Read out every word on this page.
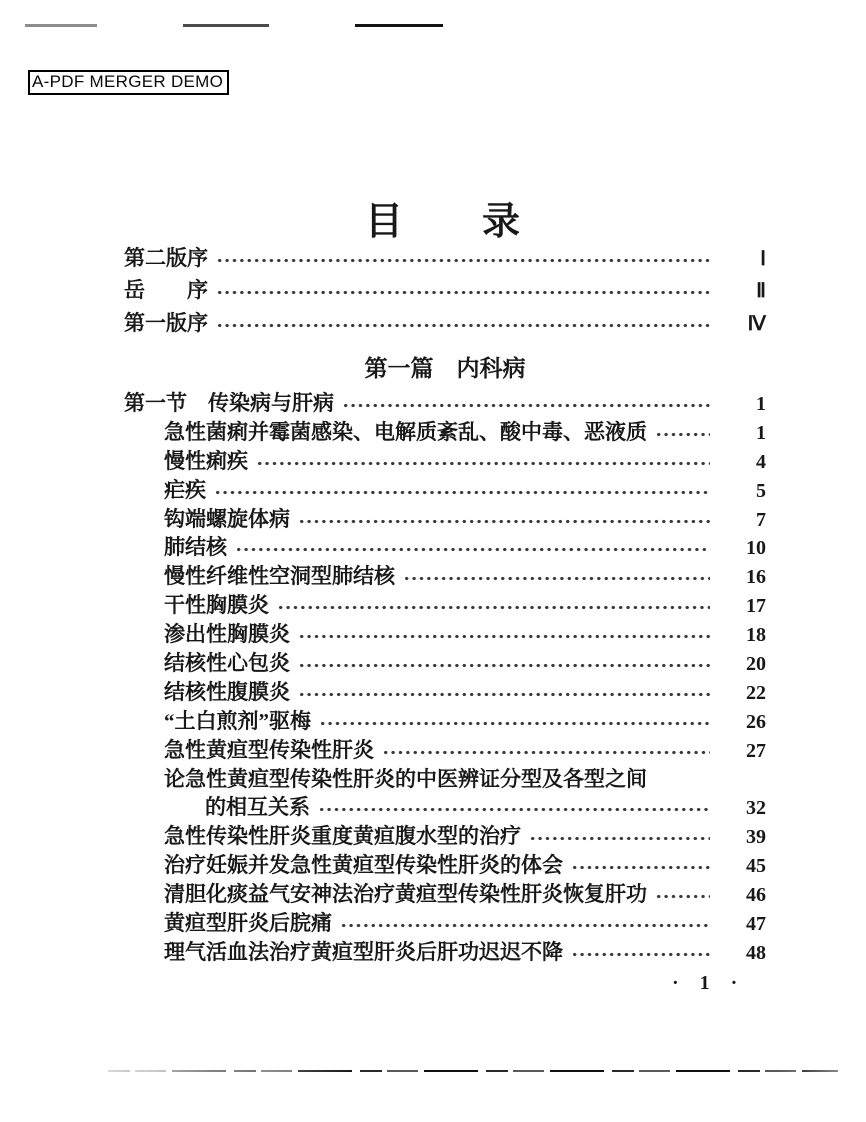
A-PDF MERGER DEMO
目　　录
第二版序	Ⅰ
岳　　序	Ⅱ
第一版序	Ⅳ
第一篇　内科病
第一节　传染病与肝病	1
急性菌痢并霉菌感染、电解质紊乱、酸中毒、恶液质	1
慢性痢疾	4
疟疾	5
钩端螺旋体病	7
肺结核	10
慢性纤维性空洞型肺结核	16
干性胸膜炎	17
渗出性胸膜炎	18
结核性心包炎	20
结核性腹膜炎	22
“土白煎剂”驱梅	26
急性黄疸型传染性肝炎	27
论急性黄疸型传染性肝炎的中医辨证分型及各型之间
的相互关系	32
急性传染性肝炎重度黄疸腹水型的治疗	39
治疗妊娠并发急性黄疸型传染性肝炎的体会	45
清胆化痰益气安神法治疗黄疸型传染性肝炎恢复肝功	46
黄疸型肝炎后脘痛	47
理气活血法治疗黄疸型肝炎后肝功迟迟不降	48
· 1 ·
